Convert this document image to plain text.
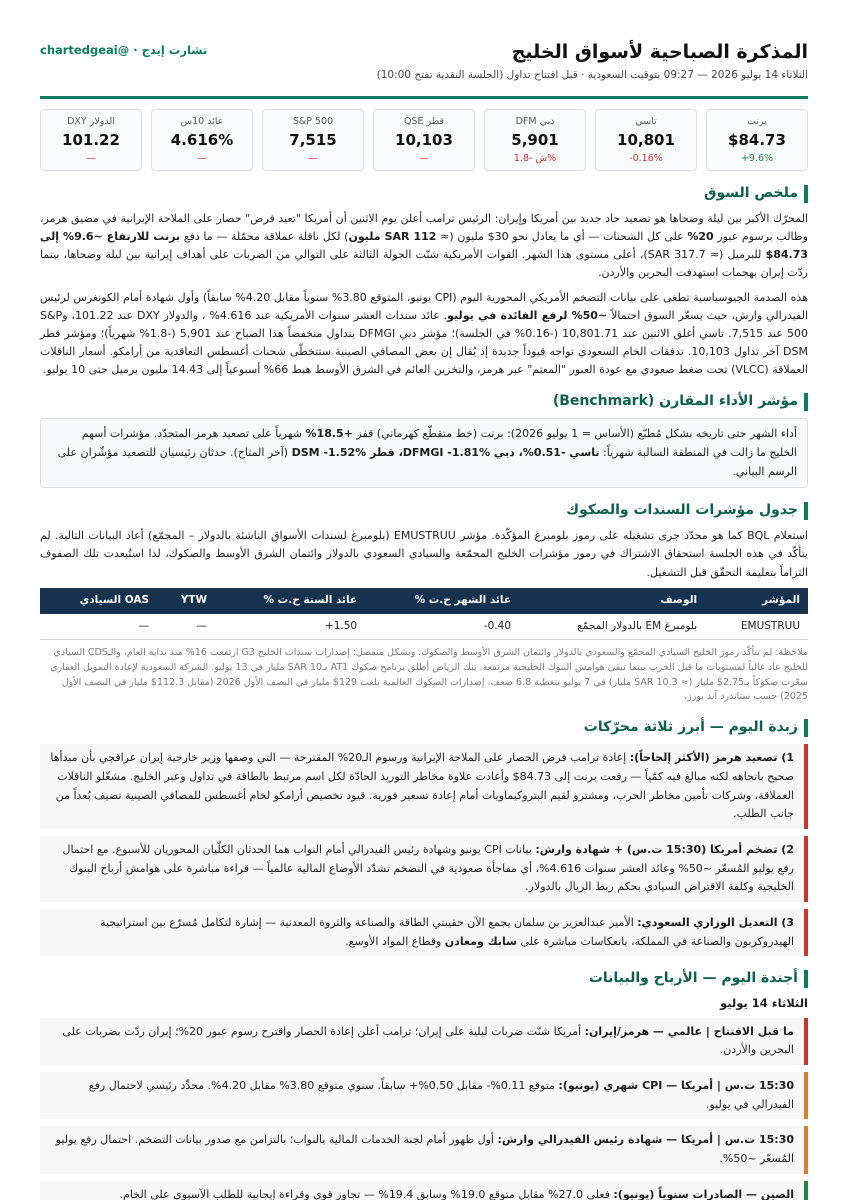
المذكرة الصباحية لأسواق الخليج
الثلاثاء 14 يوليو 2026 — 09:27 بتوقيت السعودية · قبل افتتاح تداول (الجلسة النقدية تفتح 10:00)
تشارت إيدج · @chartedgeai
برنت
$84.73
+9.6%
تاسي
10,801
-0.16%
دبي DFM
5,901
ش -1.8%
قطر QSE
10,103
—
S&P 500
7,515
—
عائد 10س
4.616%
—
الدولار DXY
101.22
—
ملخص السوق

المحرّك الأكبر بين ليلة وضحاها هو تصعيد حاد جديد بين أمريكا وإيران: الرئيس ترامب أعلن يوم الاثنين أن أمريكا "تعيد فرض" حصار على الملاحة الإيرانية في مضيق هرمز، وطالب برسوم عبور 20% على كل الشحنات — أي ما يعادل نحو 30$ مليون (≈ 112 SAR مليون) لكل ناقلة عملاقة محمّلة — ما دفع برنت للارتفاع ~9.6% إلى 84.73$ للبرميل (≈ 317.7 SAR)، أعلى مستوى هذا الشهر. القوات الأمريكية شنّت الجولة الثالثة على التوالي من الضربات على أهداف إيرانية بين ليلة وضحاها، بينما ردّت إيران بهجمات استهدفت البحرين والأردن.

هذه الصدمة الجيوسياسية تطغى على بيانات التضخم الأمريكي المحورية اليوم (CPI يونيو، المتوقع 3.80% سنوياً مقابل 4.20% سابقاً) وأول شهادة أمام الكونغرس لرئيس الفيدرالي وارش، حيث يسعّر السوق احتمالاً ~50% لرفع الفائدة في يوليو. عائد سندات العشر سنوات الأمريكية عند 4.616% ، والدولار DXY عند 101.22، وS&P 500 عند 7,515. تاسي أغلق الاثنين عند 10,801.71 (-0.16% في الجلسة)؛ مؤشر دبي DFMGI يتداول منخفضاً هذا الصباح عند 5,901 (-1.8% شهرياً)؛ ومؤشر قطر DSM آخر تداول 10,103. تدفقات الخام السعودي تواجه قيوداً جديدة إذ يُقال إن بعض المصافي الصينية ستتخطّى شحنات أغسطس التعاقدية من أرامكو. أسعار الناقلات العملاقة (VLCC) تحت ضغط صعودي مع عودة العبور "المعتم" عبر هرمز، والتخزين العائم في الشرق الأوسط هبط 66% أسبوعياً إلى 14.43 مليون برميل حتى 10 يوليو.

مؤشر الأداء المقارن (Benchmark)
أداء الشهر حتى تاريخه بشكل مُطبّع (الأساس = 1 يوليو 2026): برنت (خط متقطّع كهرماني) قفز +18.5% شهرياً على تصعيد هرمز المتجدّد. مؤشرات أسهم الخليج ما زالت في المنطقة السالبة شهرياً: تاسي -0.51%، دبي DFMGI -1.81%، قطر DSM -1.52% (آخر المتاح). حدثان رئيسيان للتصعيد مؤشّران على الرسم البياني.
جدول مؤشرات السندات والصكوك

استعلام BQL كما هو محدّد جرى تشغيله على رموز بلومبرغ المؤكّدة. مؤشر EMUSTRUU (بلومبرغ لسندات الأسواق الناشئة بالدولار – المجمّع) أعاد البيانات التالية. لم يتأكّد في هذه الجلسة استحقاق الاشتراك في رموز مؤشرات الخليج المجمّعة والسيادي السعودي بالدولار وائتمان الشرق الأوسط والصكوك، لذا استُبعدت تلك الصفوف التزاماً بتعليمة التحقّق قبل التشغيل.

المؤشر	الوصف	عائد الشهر ح.ت %	عائد السنة ح.ت %	YTW	OAS السيادي
EMUSTRUU	بلومبرغ EM بالدولار المجمّع	-0.40	+1.50	—	—
ملاحظة: لم تتأكّد رموز الخليج السيادي المجمّع والسعودي بالدولار وائتمان الشرق الأوسط والصكوك. وبشكل منفصل: إصدارات سندات الخليج G3 ارتفعت 16% منذ بداية العام، والـCDS السيادي للخليج عاد غالباً لمستويات ما قبل الحرب بينما تبقى هوامش البنوك الخليجية مرتفعة. بنك الرياض أطلق برنامج صكوك AT1 بـ10 SAR مليار في 13 يوليو. الشركة السعودية لإعادة التمويل العقاري سعّرت صكوكاً بـ2.75$ مليار (≈ 10.3 SAR مليار) في 7 يوليو بتغطية 6.8 ضعف. إصدارات الصكوك العالمية بلغت 129$ مليار في النصف الأول 2026 (مقابل 112.3$ مليار في النصف الأول 2025) حسب ستاندرد آند بورز.
زبدة اليوم — أبرز ثلاثة محرّكات
1) تصعيد هرمز (الأكثر إلحاحاً): إعادة ترامب فرض الحصار على الملاحة الإيرانية ورسوم الـ20% المقترحة — التي وصفها وزير خارجية إيران عراقجي بأن مبدأها صحيح باتجاهه لكنه مبالغ فيه كمّياً — رفعت برنت إلى 84.73$ وأعادت علاوة مخاطر التوريد الحادّة لكل اسم مرتبط بالطاقة في تداول وعبر الخليج. مشغّلو الناقلات العملاقة، وشركات تأمين مخاطر الحرب، ومشترو لقيم البتروكيماويات أمام إعادة تسعير فورية. قيود تخصيص أرامكو لخام أغسطس للمصافي الصينية تضيف بُعداً من جانب الطلب.
2) تضخم أمريكا (15:30 ت.س) + شهادة وارش: بيانات CPI يونيو وشهادة رئيس الفيدرالي أمام النواب هما الحدثان الكلّيان المحوريان للأسبوع. مع احتمال رفع يوليو المُسعّر ~50% وعائد العشر سنوات 4.616%، أي مفاجأة صعودية في التضخم تشدّد الأوضاع المالية عالمياً — قراءة مباشرة على هوامش أرباح البنوك الخليجية وكلفة الاقتراض السيادي بحكم ربط الريال بالدولار.
3) التعديل الوزاري السعودي: الأمير عبدالعزيز بن سلمان يجمع الآن حقيبتي الطاقة والصناعة والثروة المعدنية — إشارة لتكامل مُسرّع بين استراتيجية الهيدروكربون والصناعة في المملكة، بانعكاسات مباشرة على سابك ومعادن وقطاع المواد الأوسع.
أجندة اليوم — الأرباح والبيانات
الثلاثاء 14 يوليو
ما قبل الافتتاح | عالمي — هرمز/إيران: أمريكا شنّت ضربات ليلية على إيران؛ ترامب أعلن إعادة الحصار واقترح رسوم عبور 20%؛ إيران ردّت بضربات على البحرين والأردن.
15:30 ت.س | أمريكا — CPI شهري (يونيو): متوقع 0.11%- مقابل 0.50%+ سابقاً. سنوي متوقع 3.80% مقابل 4.20%. محدِّد رئيسي لاحتمال رفع الفيدرالي في يوليو.
15:30 ت.س | أمريكا — شهادة رئيس الفيدرالي وارش: أول ظهور أمام لجنة الخدمات المالية بالنواب؛ بالتزامن مع صدور بيانات التضخم. احتمال رفع يوليو المُسعّر ~50%.
الصين — الصادرات سنوياً (يونيو): فعلي 27.0% مقابل متوقع 19.0% وسابق 19.4% — تجاوز قوي وقراءة إيجابية للطلب الآسيوي على الخام.
